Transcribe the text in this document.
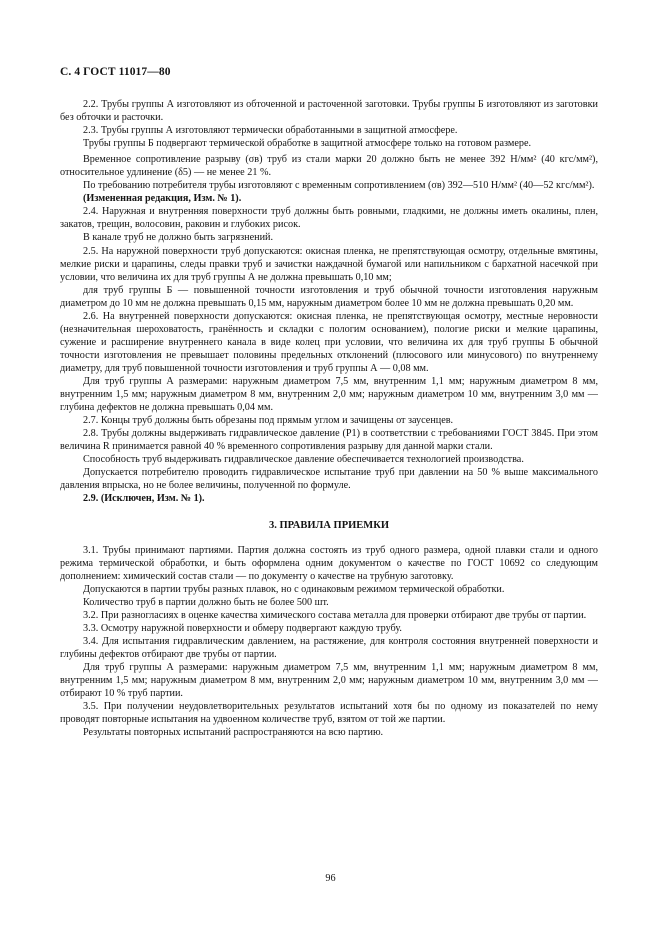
С. 4 ГОСТ 11017—80

2.2. Трубы группы А изготовляют из обточенной и расточенной заготовки. Трубы группы Б изготовляют из заготовки без обточки и расточки.

2.3. Трубы группы А изготовляют термически обработанными в защитной атмосфере.

Трубы группы Б подвергают термической обработке в защитной атмосфере только на готовом размере.

Временное сопротивление разрыву (σв) труб из стали марки 20 должно быть не менее 392 Н/мм² (40 кгс/мм²), относительное удлинение (δ5) — не менее 21 %.

По требованию потребителя трубы изготовляют с временным сопротивлением (σв) 392—510 Н/мм² (40—52 кгс/мм²).

(Измененная редакция, Изм. № 1).

2.4. Наружная и внутренняя поверхности труб должны быть ровными, гладкими, не должны иметь окалины, плен, закатов, трещин, волосовин, раковин и глубоких рисок.

В канале труб не должно быть загрязнений.

2.5. На наружной поверхности труб допускаются: окисная пленка, не препятствующая осмотру, отдельные вмятины, мелкие риски и царапины, следы правки труб и зачистки наждачной бумагой или напильником с бархатной насечкой при условии, что величина их для труб группы А не должна превышать 0,10 мм;

для труб группы Б — повышенной точности изготовления и труб обычной точности изготовления наружным диаметром до 10 мм не должна превышать 0,15 мм, наружным диаметром более 10 мм не должна превышать 0,20 мм.

2.6. На внутренней поверхности допускаются: окисная пленка, не препятствующая осмотру, местные неровности (незначительная шероховатость, гранённость и складки с пологим основанием), пологие риски и мелкие царапины, сужение и расширение внутреннего канала в виде колец при условии, что величина их для труб группы Б обычной точности изготовления не превышает половины предельных отклонений (плюсового или минусового) по внутреннему диаметру, для труб повышенной точности изготовления и труб группы А — 0,08 мм.

Для труб группы А размерами: наружным диаметром 7,5 мм, внутренним 1,1 мм; наружным диаметром 8 мм, внутренним 1,5 мм; наружным диаметром 8 мм, внутренним 2,0 мм; наружным диаметром 10 мм, внутренним 3,0 мм — глубина дефектов не должна превышать 0,04 мм.

2.7. Концы труб должны быть обрезаны под прямым углом и зачищены от заусенцев.

2.8. Трубы должны выдерживать гидравлическое давление (P1) в соответствии с требованиями ГОСТ 3845. При этом величина R принимается равной 40 % временного сопротивления разрыву для данной марки стали.

Способность труб выдерживать гидравлическое давление обеспечивается технологией производства.

Допускается потребителю проводить гидравлическое испытание труб при давлении на 50 % выше максимального давления впрыска, но не более величины, полученной по формуле.

2.9. (Исключен, Изм. № 1).

3. ПРАВИЛА ПРИЕМКИ

3.1. Трубы принимают партиями. Партия должна состоять из труб одного размера, одной плавки стали и одного режима термической обработки, и быть оформлена одним документом о качестве по ГОСТ 10692 со следующим дополнением: химический состав стали — по документу о качестве на трубную заготовку.

Допускаются в партии трубы разных плавок, но с одинаковым режимом термической обработки.

Количество труб в партии должно быть не более 500 шт.

3.2. При разногласиях в оценке качества химического состава металла для проверки отбирают две трубы от партии.

3.3. Осмотру наружной поверхности и обмеру подвергают каждую трубу.

3.4. Для испытания гидравлическим давлением, на растяжение, для контроля состояния внутренней поверхности и глубины дефектов отбирают две трубы от партии.

Для труб группы А размерами: наружным диаметром 7,5 мм, внутренним 1,1 мм; наружным диаметром 8 мм, внутренним 1,5 мм; наружным диаметром 8 мм, внутренним 2,0 мм; наружным диаметром 10 мм, внутренним 3,0 мм — отбирают 10 % труб партии.

3.5. При получении неудовлетворительных результатов испытаний хотя бы по одному из показателей по нему проводят повторные испытания на удвоенном количестве труб, взятом от той же партии.

Результаты повторных испытаний распространяются на всю партию.

96
